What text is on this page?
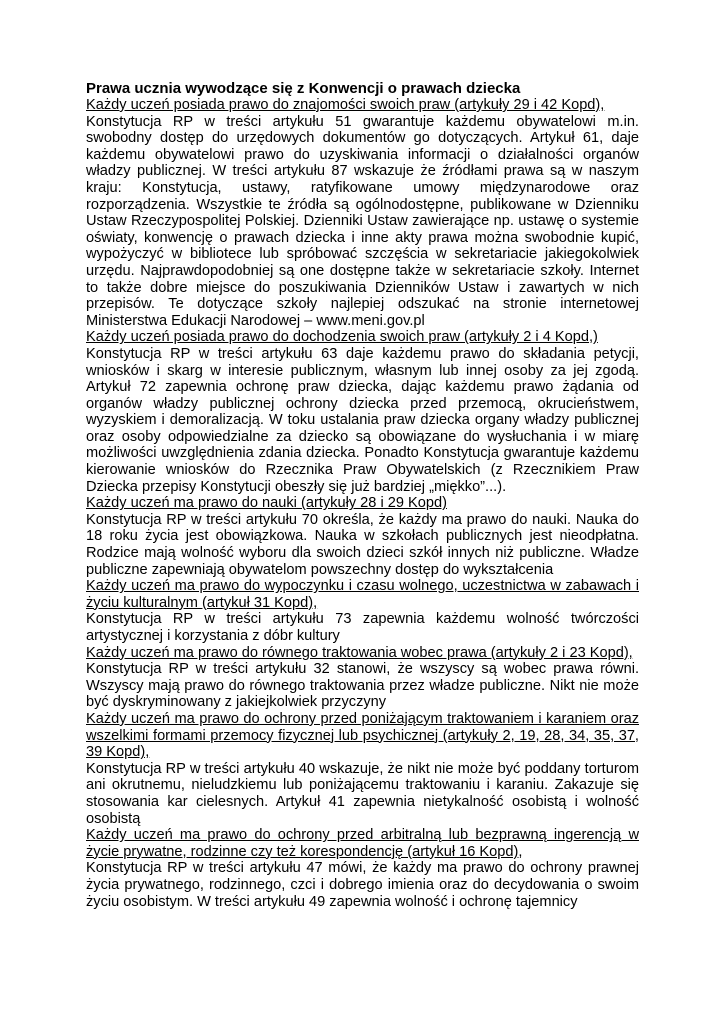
Prawa ucznia wywodzące się z Konwencji o prawach dziecka

Każdy uczeń posiada prawo do znajomości swoich praw (artykuły 29 i 42 Kopd),

Konstytucja RP w treści artykułu 51 gwarantuje każdemu obywatelowi m.in. swobodny dostęp do urzędowych dokumentów go dotyczących. Artykuł 61, daje każdemu obywatelowi prawo do uzyskiwania informacji o działalności organów władzy publicznej. W treści artykułu 87 wskazuje że źródłami prawa są w naszym kraju: Konstytucja, ustawy, ratyfikowane umowy międzynarodowe oraz rozporządzenia. Wszystkie te źródła są ogólnodostępne, publikowane w Dzienniku Ustaw Rzeczypospolitej Polskiej. Dzienniki Ustaw zawierające np. ustawę o systemie oświaty, konwencję o prawach dziecka i inne akty prawa można swobodnie kupić, wypożyczyć w bibliotece lub spróbować szczęścia w sekretariacie jakiegokolwiek urzędu. Najprawdopodobniej są one dostępne także w sekretariacie szkoły. Internet to także dobre miejsce do poszukiwania Dzienników Ustaw i zawartych w nich przepisów. Te dotyczące szkoły najlepiej odszukać na stronie internetowej Ministerstwa Edukacji Narodowej – www.meni.gov.pl

Każdy uczeń posiada prawo do dochodzenia swoich praw (artykuły 2 i 4 Kopd,)

Konstytucja RP w treści artykułu 63 daje każdemu prawo do składania petycji, wniosków i skarg w interesie publicznym, własnym lub innej osoby za jej zgodą. Artykuł 72 zapewnia ochronę praw dziecka, dając każdemu prawo żądania od organów władzy publicznej ochrony dziecka przed przemocą, okrucieństwem, wyzyskiem i demoralizacją. W toku ustalania praw dziecka organy władzy publicznej oraz osoby odpowiedzialne za dziecko są obowiązane do wysłuchania i w miarę możliwości uwzględnienia zdania dziecka. Ponadto Konstytucja gwarantuje każdemu kierowanie wniosków do Rzecznika Praw Obywatelskich (z Rzecznikiem Praw Dziecka przepisy Konstytucji obeszły się już bardziej „miękko”...).

Każdy uczeń ma prawo do nauki (artykuły 28 i 29 Kopd)

Konstytucja RP w treści artykułu 70 określa, że każdy ma prawo do nauki. Nauka do 18 roku życia jest obowiązkowa. Nauka w szkołach publicznych jest nieodpłatna. Rodzice mają wolność wyboru dla swoich dzieci szkół innych niż publiczne. Władze publiczne zapewniają obywatelom powszechny dostęp do wykształcenia

Każdy uczeń ma prawo do wypoczynku i czasu wolnego, uczestnictwa w zabawach i życiu kulturalnym (artykuł 31 Kopd),

Konstytucja RP w treści artykułu 73 zapewnia każdemu wolność twórczości artystycznej i korzystania z dóbr kultury

Każdy uczeń ma prawo do równego traktowania wobec prawa (artykuły 2 i 23 Kopd),

Konstytucja RP w treści artykułu 32 stanowi, że wszyscy są wobec prawa równi. Wszyscy mają prawo do równego traktowania przez władze publiczne. Nikt nie może być dyskryminowany z jakiejkolwiek przyczyny

Każdy uczeń ma prawo do ochrony przed poniżającym traktowaniem i karaniem oraz wszelkimi formami przemocy fizycznej lub psychicznej (artykuły 2, 19, 28, 34, 35, 37, 39 Kopd),

Konstytucja RP w treści artykułu 40 wskazuje, że nikt nie może być poddany torturom ani okrutnemu, nieludzkiemu lub poniżającemu traktowaniu i karaniu. Zakazuje się stosowania kar cielesnych. Artykuł 41 zapewnia nietykalność osobistą i wolność osobistą

Każdy uczeń ma prawo do ochrony przed arbitralną lub bezprawną ingerencją w życie prywatne, rodzinne czy też korespondencję (artykuł 16 Kopd),

Konstytucja RP w treści artykułu 47 mówi, że każdy ma prawo do ochrony prawnej życia prywatnego, rodzinnego, czci i dobrego imienia oraz do decydowania o swoim życiu osobistym. W treści artykułu 49 zapewnia wolność i ochronę tajemnicy
